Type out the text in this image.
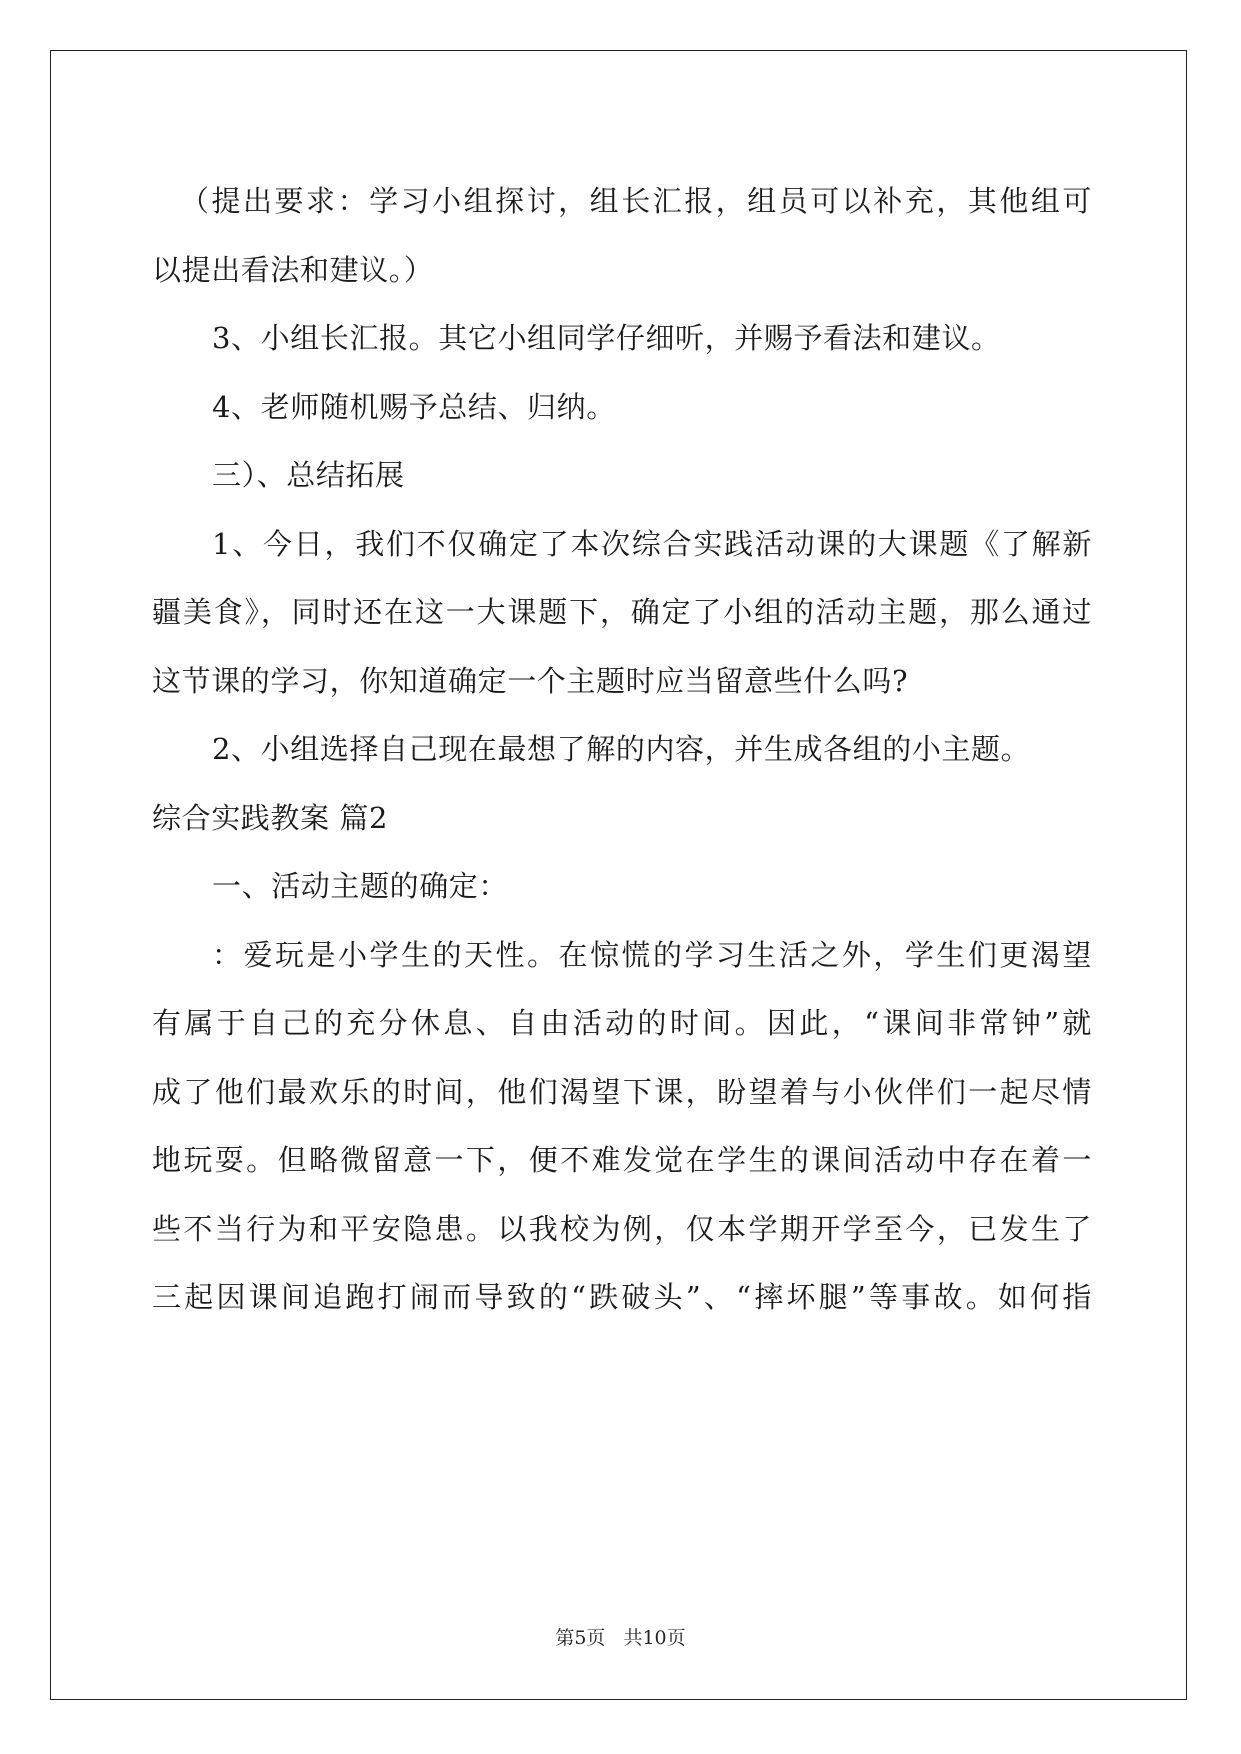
（提出要求：学习小组探讨，组长汇报，组员可以补充，其他组可
以提出看法和建议。）
3、小组长汇报。其它小组同学仔细听，并赐予看法和建议。
4、老师随机赐予总结、归纳。
三）、总结拓展
1、今日，我们不仅确定了本次综合实践活动课的大课题《了解新
疆美食》，同时还在这一大课题下，确定了小组的活动主题，那么通过
这节课的学习，你知道确定一个主题时应当留意些什么吗?
2、小组选择自己现在最想了解的内容，并生成各组的小主题。
综合实践教案 篇2
一、活动主题的确定：
：爱玩是小学生的天性。在惊慌的学习生活之外，学生们更渴望
有属于自己的充分休息、自由活动的时间。因此，“课间非常钟”就
成了他们最欢乐的时间，他们渴望下课，盼望着与小伙伴们一起尽情
地玩耍。但略微留意一下，便不难发觉在学生的课间活动中存在着一
些不当行为和平安隐患。以我校为例，仅本学期开学至今，已发生了
三起因课间追跑打闹而导致的“跌破头”、“摔坏腿”等事故。如何指
第5页 共10页
